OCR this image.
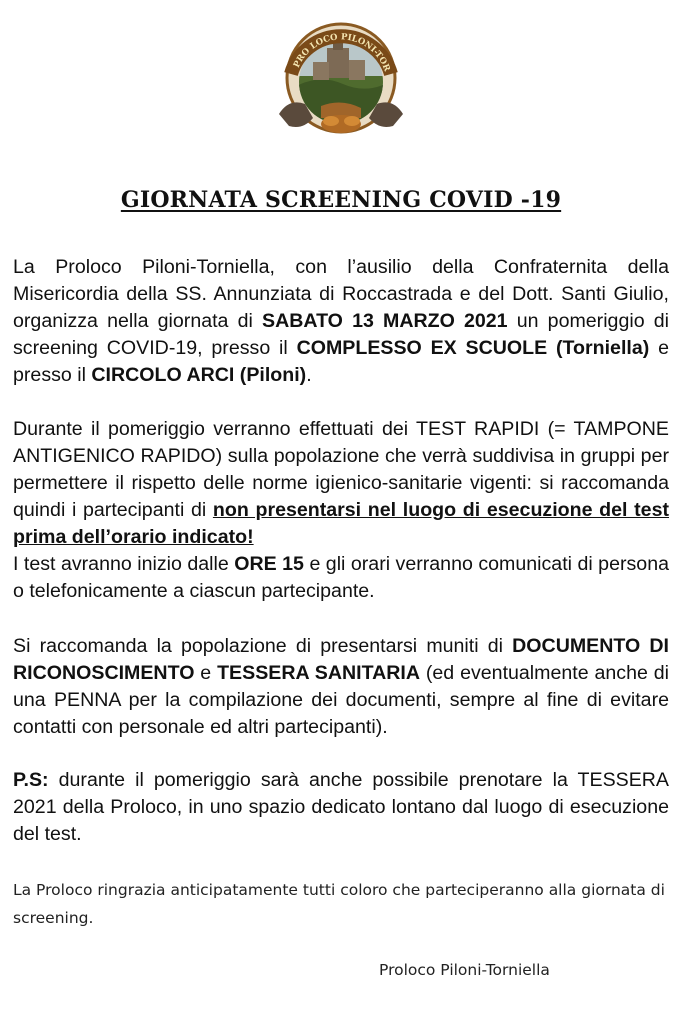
PRO LOCO PILONI-TOR
GIORNATA SCREENING COVID -19

La Proloco Piloni-Torniella, con l’ausilio della Confraternita della Misericordia della SS. Annunziata di Roccastrada e del Dott. Santi Giulio, organizza nella giornata di SABATO 13 MARZO 2021 un pomeriggio di screening COVID-19, presso il COMPLESSO EX SCUOLE (Torniella) e presso il CIRCOLO ARCI (Piloni).

Durante il pomeriggio verranno effettuati dei TEST RAPIDI (= TAMPONE ANTIGENICO RAPIDO) sulla popolazione che verrà suddivisa in gruppi per permettere il rispetto delle norme igienico-sanitarie vigenti: si raccomanda quindi i partecipanti di non presentarsi nel luogo di esecuzione del test prima dell’orario indicato!
I test avranno inizio dalle ORE 15 e gli orari verranno comunicati di persona o telefonicamente a ciascun partecipante.

Si raccomanda la popolazione di presentarsi muniti di DOCUMENTO DI RICONOSCIMENTO e TESSERA SANITARIA (ed eventualmente anche di una PENNA per la compilazione dei documenti, sempre al fine di evitare contatti con personale ed altri partecipanti).

P.S: durante il pomeriggio sarà anche possibile prenotare la TESSERA 2021 della Proloco, in uno spazio dedicato lontano dal luogo di esecuzione del test.

La Proloco ringrazia anticipatamente tutti coloro che parteciperanno alla giornata di screening.

Proloco Piloni-Torniella
